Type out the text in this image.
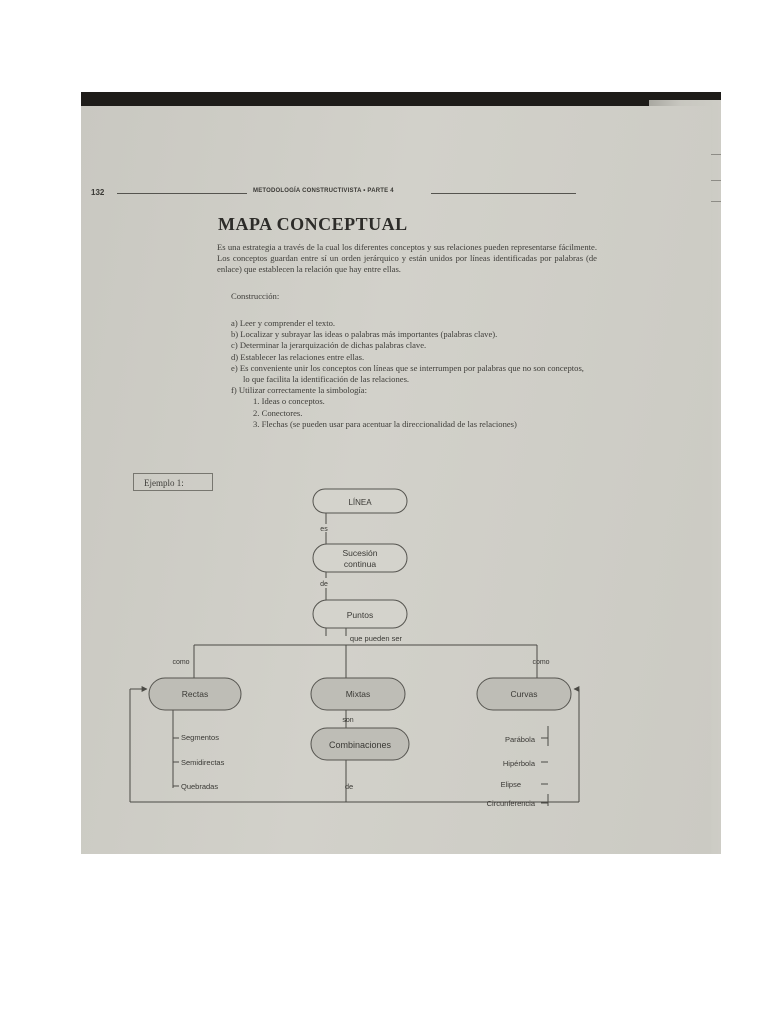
132	METODOLOGÍA CONSTRUCTIVISTA • PARTE 4
MAPA CONCEPTUAL

Es una estrategia a través de la cual los diferentes conceptos y sus relaciones pueden representarse fácilmente. Los conceptos guardan entre sí un orden jerárquico y están unidos por líneas identificadas por palabras (de enlace) que establecen la relación que hay entre ellas.

Construcción:

a) Leer y comprender el texto.
b) Localizar y subrayar las ideas o palabras más importantes (palabras clave).
c) Determinar la jerarquización de dichas palabras clave.
d) Establecer las relaciones entre ellas.
e) Es conveniente unir los conceptos con líneas que se interrumpen por palabras que no son conceptos, lo que facilita la identificación de las relaciones.
f) Utilizar correctamente la simbología:
1. Ideas o conceptos.
2. Conectores.
3. Flechas (se pueden usar para acentuar la direccionalidad de las relaciones)
Ejemplo 1:
LÍNEA
es
Sucesión
continua
de
Puntos
que pueden ser
como	como
Rectas	Mixtas	Curvas
son
Combinaciones
de
Segmentos
Semidirectas
Quebradas
Parábola
Hipérbola
Elipse
Circunferencia
